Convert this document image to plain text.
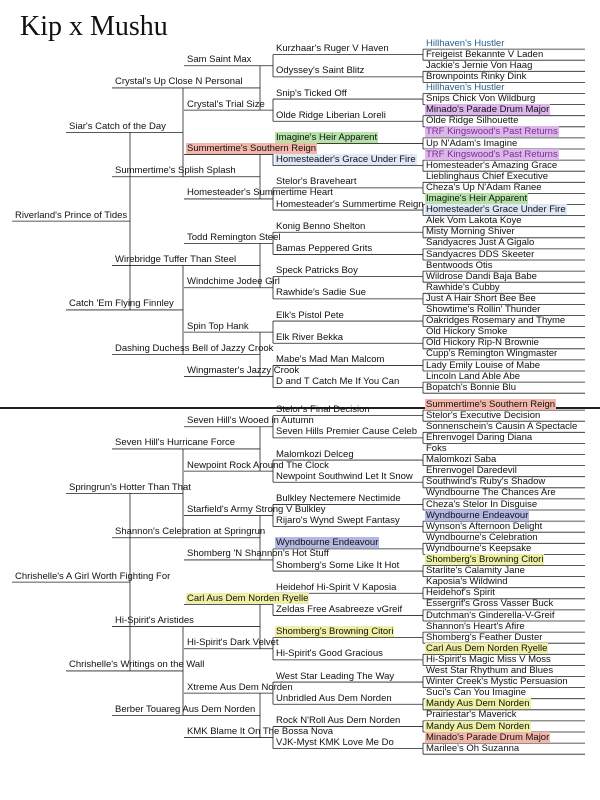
Kip x Mushu
Hillhaven's Hustler
Freigeist Bekannte V Laden
Jackie's Jernie Von Haag
Brownpoints Rinky Dink
Hillhaven's Hustler
Snips Chick Von Wildburg
Minado's Parade Drum Major
Olde Ridge Silhouette
TRF Kingswood's Past Returns
Up N'Adam's Imagine
TRF Kingswood's Past Returns
Homesteader's Amazing Grace
Lieblinghaus Chief Executive
Cheza's Up N'Adam Ranee
Imagine's Heir Apparent
Homesteader's Grace Under Fire
Alek Vom Lakota Koye
Misty Morning Shiver
Sandyacres Just A Gigalo
Sandyacres DDS Skeeter
Bentwoods Otis
Wildrose Dandi Baja Babe
Rawhide's Cubby
Just A Hair Short Bee Bee
Showtime's Rollin' Thunder
Oakridges Rosemary and Thyme
Old Hickory Smoke
Old Hickory Rip-N Brownie
Cupp's Remington Wingmaster
Lady Emily Louise of Mabe
Lincoln Land Able Abe
Bopatch's Bonnie Blu
Kurzhaar's Ruger V Haven
Odyssey's Saint Blitz
Snip's Ticked Off
Olde Ridge Liberian Loreli
Imagine's Heir Apparent
Homesteader's Grace Under Fire
Stelor's Braveheart
Homesteader's Summertime Reign
Konig Benno Shelton
Bamas Peppered Grits
Speck Patricks Boy
Rawhide's Sadie Sue
Elk's Pistol Pete
Elk River Bekka
Mabe's Mad Man Malcom
D and T Catch Me If You Can
Sam Saint Max
Crystal's Trial Size
Summertime's Southern Reign
Homesteader's Summertime Heart
Todd Remington Steel
Windchime Jodee Girl
Spin Top Hank
Wingmaster's Jazzy Crook
Crystal's Up Close N Personal
Summertime's Splish Splash
Wirebridge Tuffer Than Steel
Dashing Duchess Bell of Jazzy Crook
Siar's Catch of the Day
Catch 'Em Flying Finnley
Riverland's Prince of Tides
Summertime's Southern Reign
Stelor's Executive Decision
Sonnenschein's Causin A Spectacle
Ehrenvogel Daring Diana
Foks
Malomkozi Saba
Ehrenvogel Daredevil
Southwind's Ruby's Shadow
Wyndbourne The Chances Are
Cheza's Stelor In Disguise
Wyndbourne Endeavour
Wynson's Afternoon Delight
Wyndbourne's Celebration
Wyndbourne's Keepsake
Shomberg's Browning Citori
Starlite's Calamity Jane
Kaposia's Wildwind
Heidehof's Spirit
Essergrif's Gross Vasser Buck
Dutchman's Ginderella-V-Greif
Shannon's Heart's Afire
Shomberg's Feather Duster
Carl Aus Dem Norden Ryelle
Hi-Spirit's Magic Miss V Moss
West Star Rhythum and Blues
Winter Creek's Mystic Persuasion
Suci's Can You Imagine
Mandy Aus Dem Norden
Prairiestar's Maverick
Mandy Aus Dem Norden
Minado's Parade Drum Major
Marilee's Oh Suzanna
Stelor's Final Decision
Seven Hills Premier Cause Celeb
Malomkozi Delceg
Newpoint Southwind Let It Snow
Bulkley Nectemere Nectimide
Rijaro's Wynd Swept Fantasy
Wyndbourne Endeavour
Shomberg's Some Like It Hot
Heidehof Hi-Spirit V Kaposia
Zeldas Free Asabreeze vGreif
Shomberg's Browning Citori
Hi-Spirit's Good Gracious
West Star Leading The Way
Unbridled Aus Dem Norden
Rock N'Roll Aus Dem Norden
VJK-Myst KMK Love Me Do
Seven Hill's Wooed in Autumn
Newpoint Rock Around The Clock
Starfield's Army Strong V Bulkley
Shomberg 'N Shannon's Hot Stuff
Carl Aus Dem Norden Ryelle
Hi-Spirit's Dark Velvet
Xtreme Aus Dem Norden
KMK Blame It On The Bossa Nova
Seven Hill's Hurricane Force
Shannon's Celebration at Springrun
Hi-Spirit's Aristides
Berber Touareg Aus Dem Norden
Springrun's Hotter Than That
Chrishelle's Writings on the Wall
Chrishelle's A Girl Worth Fighting For
